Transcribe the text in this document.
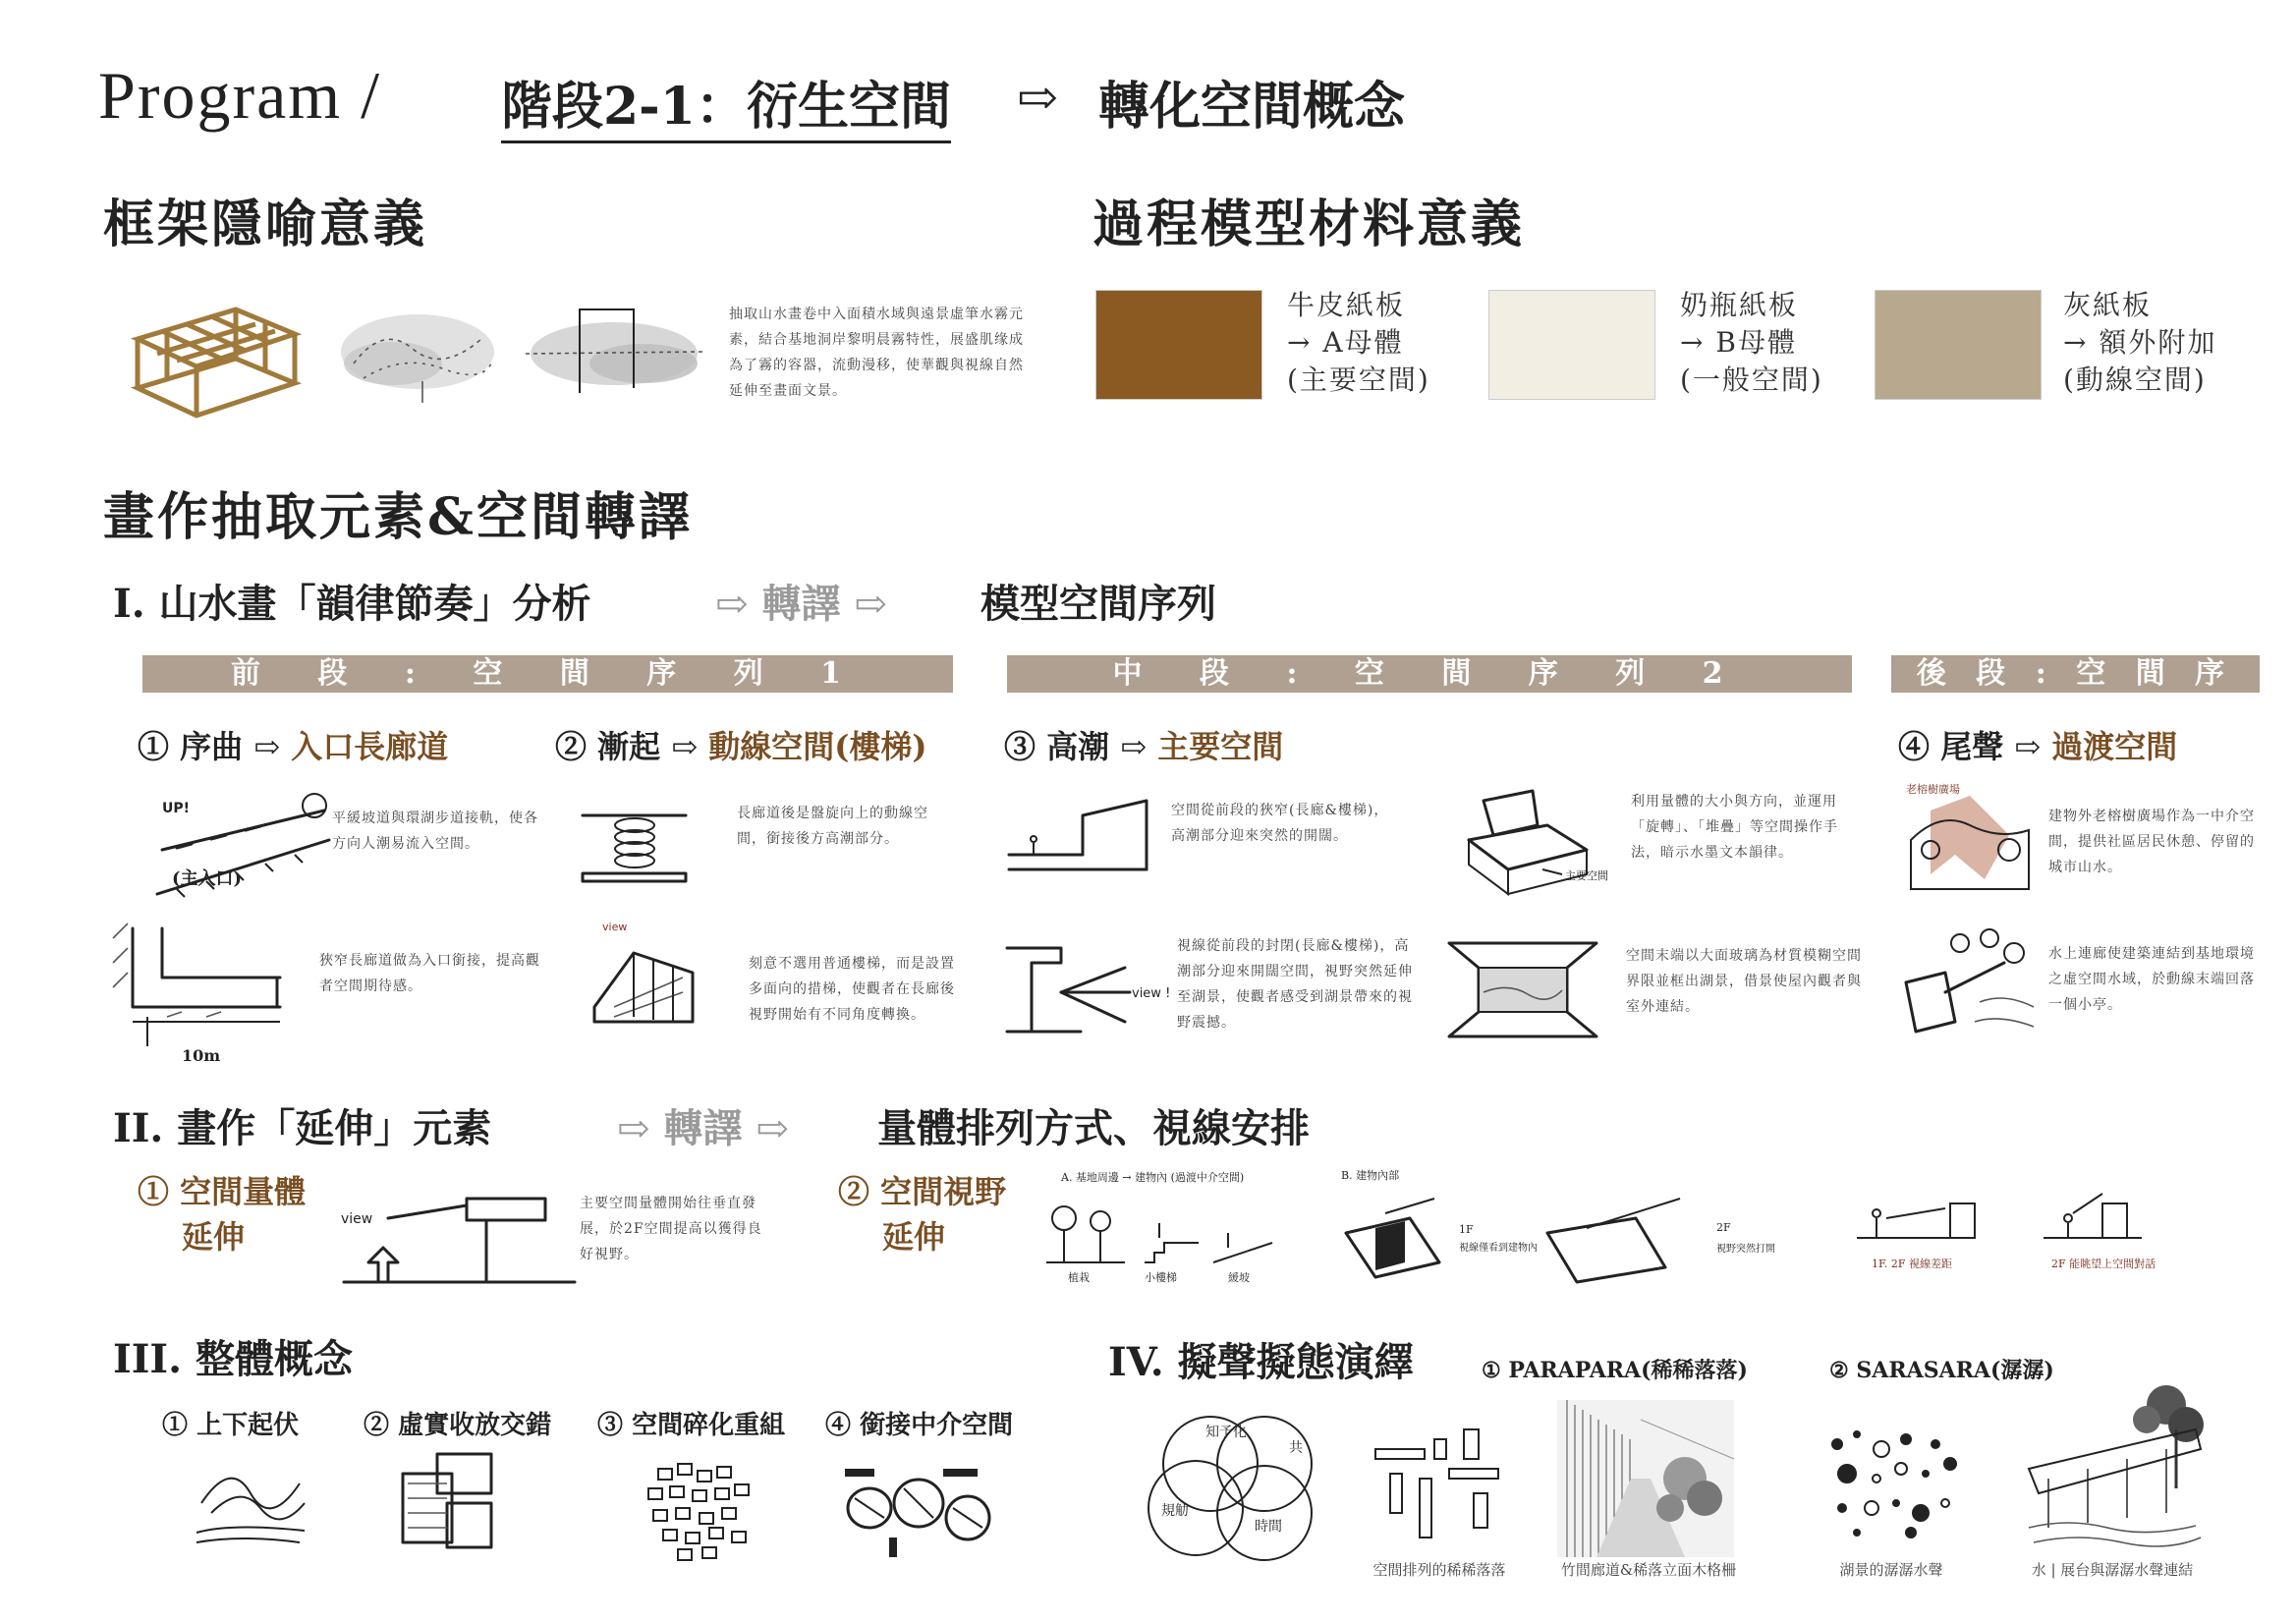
Program / 階段2-1：衍生空間 ⇨ 轉化空間概念
框架隱喻意義
抽取山水畫卷中入面積水域與遠景虛筆水霧元素，結合基地洞岸黎明晨霧特性，展盛肌缘成為了霧的容器，流動漫移，使華觀與視線自然延伸至畫面文景。
過程模型材料意義
牛皮紙板
→ A母體
(主要空間)
奶瓶紙板
→ B母體
(一般空間)
灰紙板
→ 額外附加
(動線空間)
畫作抽取元素&空間轉譯
I. 山水畫「韻律節奏」分析	⇨ 轉譯 ⇨ 模型空間序列
前 段 : 空 間 序 列 1	中 段 : 空 間 序 列 2	後 段 : 空 間 序 列 3
① 序曲 ⇨ 入口長廊道	② 漸起 ⇨ 動線空間(樓梯) ③ 高潮 ⇨ 主要空間	④ 尾聲 ⇨ 過渡空間
UP!
(主入口)
平緩坡道與環湖步道接軌，使各方向人潮易流入空間。
長廊道後是盤旋向上的動線空間，銜接後方高潮部分。
空間從前段的狹窄(長廊&樓梯)，高潮部分迎來突然的開闊。
主要空間
利用量體的大小與方向，並運用「旋轉」、「堆疊」等空間操作手法，暗示水墨文本韻律。
老榕樹廣場
建物外老榕樹廣場作為一中介空間，提供社區居民休憩、停留的城市山水。
10m
狹窄長廊道做為入口銜接，提高觀者空間期待感。
view
刻意不選用普通樓梯，而是設置多面向的措梯，使觀者在長廊後視野開始有不同角度轉換。
view !
視線從前段的封閉(長廊&樓梯)，高潮部分迎來開闊空間，視野突然延伸至湖景，使觀者感受到湖景帶來的視野震撼。
空間末端以大面玻璃為材質模糊空間界限並框出湖景，借景使屋內觀者與室外連結。
水上連廊使建築連結到基地環境之虛空間水域，於動線末端回落一個小亭。
II. 畫作「延伸」元素	⇨ 轉譯 ⇨ 量體排列方式、視線安排
① 空間量體
延伸	view
主要空間量體開始往垂直發展，於2F空間提高以獲得良好視野。
② 空間視野
延伸
A. 基地周邊 → 建物內 (過渡中介空間)
植栽	小樓梯	緩坡
B. 建物內部
1F
視線僅看到建物內
2F
視野突然打開
1F. 2F 視線差距	2F 能眺望上空間對話
III. 整體概念
① 上下起伏	② 虛實收放交錯 ③ 空間碎化重組 ④ 銜接中介空間
IV. 擬聲擬態演繹	① PARAPARA(稀稀落落)	② SARASARA(潺潺)
知予化
共
規觔
時間
空間排列的稀稀落落	竹間廊道&稀落立面木格柵	湖景的潺潺水聲	水 | 展台與潺潺水聲連結
